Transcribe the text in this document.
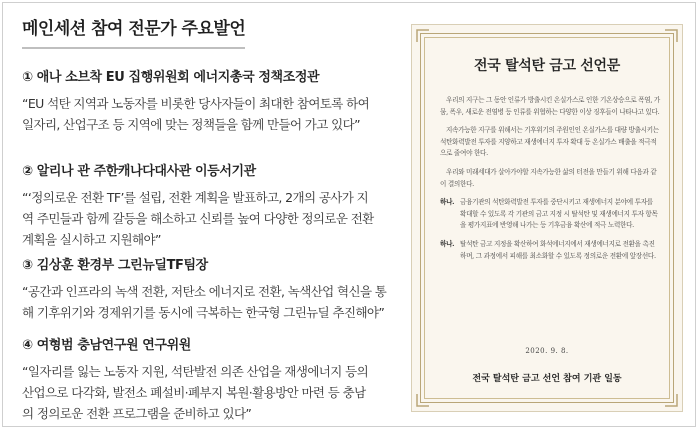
메인세션 참여 전문가 주요발언
① 애나 소브착 EU 집행위원회 에너지총국 정책조정관
“EU 석탄 지역과 노동자를 비롯한 당사자들이 최대한 참여토록 하여
일자리, 산업구조 등 지역에 맞는 정책들을 함께 만들어 가고 있다”
② 알리나 관 주한캐나다대사관 이등서기관
“‘정의로운 전환 TF’를 설립, 전환 계획을 발표하고, 2개의 공사가 지
역 주민들과 함께 갈등을 해소하고 신뢰를 높여 다양한 정의로운 전환
계획을 실시하고 지원해야”
③ 김상훈 환경부 그린뉴딜TF팀장
“공간과 인프라의 녹색 전환, 저탄소 에너지로 전환, 녹색산업 혁신을 통
해 기후위기와 경제위기를 동시에 극복하는 한국형 그린뉴딜 추진해야”
④ 여형범 충남연구원 연구위원
“일자리를 잃는 노동자 지원, 석탄발전 의존 산업을 재생에너지 등의
산업으로 다각화, 발전소 폐설비·폐부지 복원·활용방안 마련 등 충남
의 정의로운 전환 프로그램을 준비하고 있다”
전국 탈석탄 금고 선언문
우리의 지구는 그 동안 인류가 방출시킨 온실가스로 인한 기온상승으로 폭염, 가뭄, 폭우, 새로운 전염병 등 인류를 위협하는 다양한 이상 징후들이 나타나고 있다.
지속가능한 지구를 위해서는 기후위기의 주원인인 온실가스를 대량 방출시키는 석탄화력발전 투자를 지양하고 재생에너지 투자 확대 등 온실가스 배출을 적극적으로 줄여야 한다.
우리와 미래세대가 살아가야할 지속가능한 삶의 터전을 만들기 위해 다음과 같이 결의한다.
하나. 금융기관의 석탄화력발전 투자를 중단시키고 재생에너지 분야에 투자를 확대할 수 있도록 각 기관의 금고 지정 시 탈석탄 및 재생에너지 투자 항목을 평가지표에 반영해 나가는 등 기후금융 확산에 적극 노력한다.
하나. 탈석탄 금고 지정을 확산하여 화석에너지에서 재생에너지로 전환을 촉진하며, 그 과정에서 피해를 최소화할 수 있도록 정의로운 전환에 앞장선다.
2020. 9. 8.
전국 탈석탄 금고 선언 참여 기관 일동
